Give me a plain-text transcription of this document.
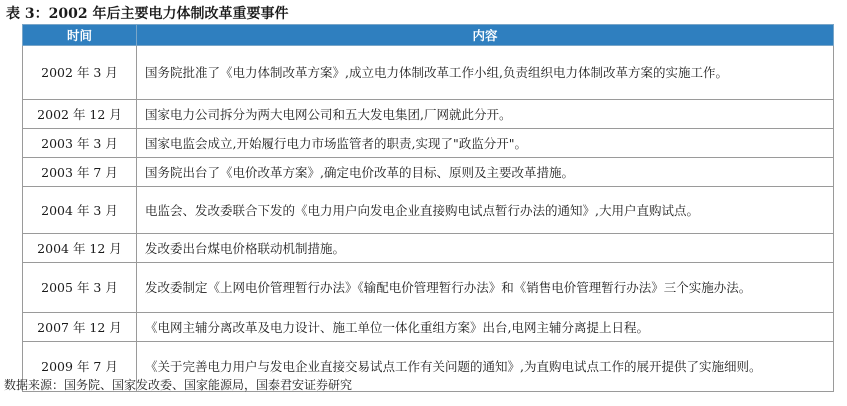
表 3：2002 年后主要电力体制改革重要事件
时间	内容
2002 年 3 月	国务院批准了《电力体制改革方案》,成立电力体制改革工作小组,负责组织电力体制改革方案的实施工作。
2002 年 12 月	国家电力公司拆分为两大电网公司和五大发电集团,厂网就此分开。
2003 年 3 月	国家电监会成立,开始履行电力市场监管者的职责,实现了"政监分开"。
2003 年 7 月	国务院出台了《电价改革方案》,确定电价改革的目标、原则及主要改革措施。
2004 年 3 月	电监会、发改委联合下发的《电力用户向发电企业直接购电试点暂行办法的通知》,大用户直购试点。
2004 年 12 月	发改委出台煤电价格联动机制措施。
2005 年 3 月	发改委制定《上网电价管理暂行办法》《输配电价管理暂行办法》和《销售电价管理暂行办法》三个实施办法。
2007 年 12 月	《电网主辅分离改革及电力设计、施工单位一体化重组方案》出台,电网主辅分离提上日程。
2009 年 7 月	《关于完善电力用户与发电企业直接交易试点工作有关问题的通知》,为直购电试点工作的展开提供了实施细则。
数据来源：国务院、国家发改委、国家能源局，国泰君安证券研究
